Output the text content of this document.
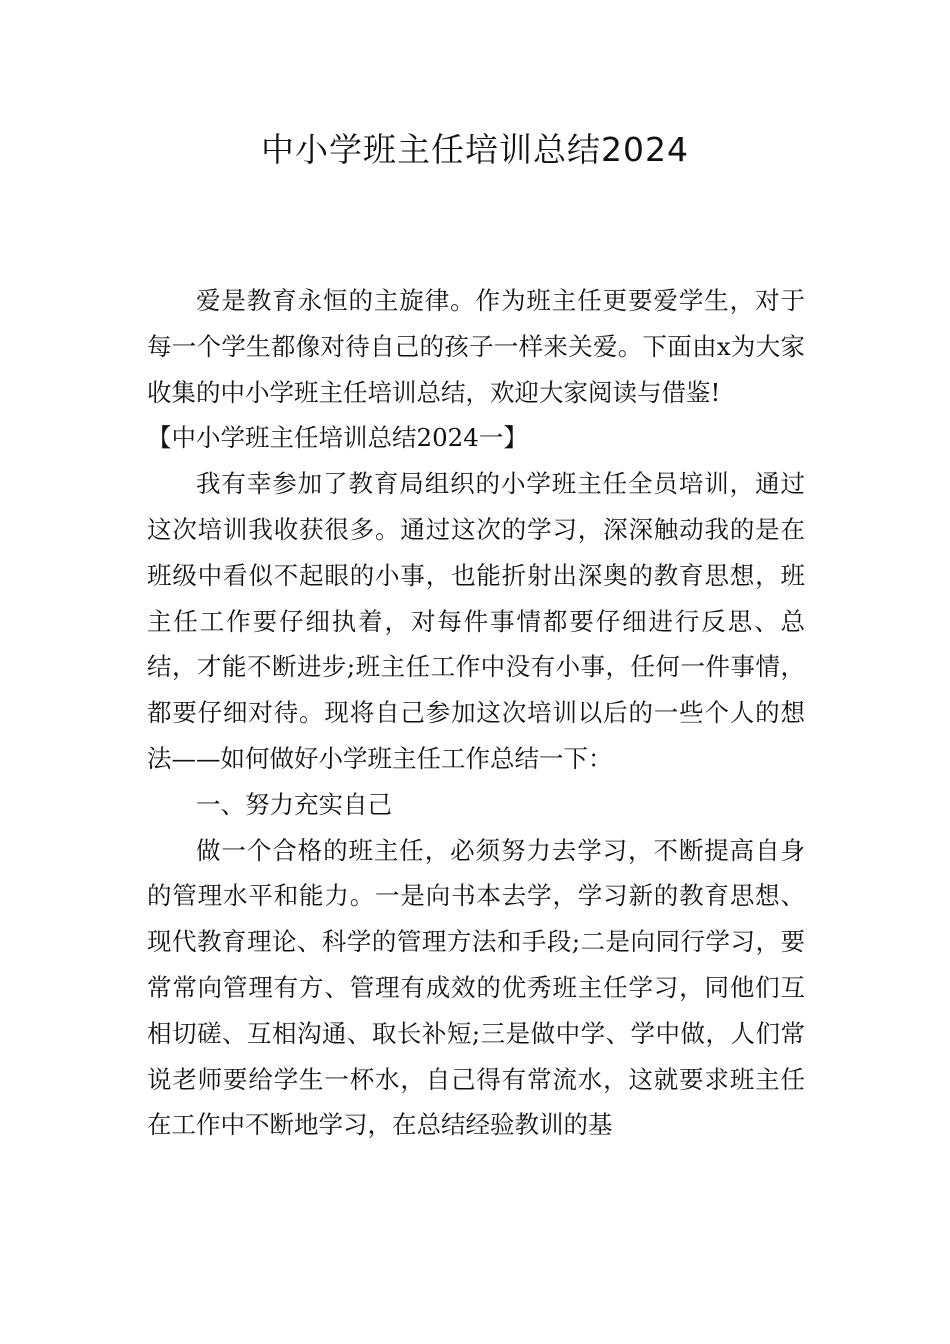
中小学班主任培训总结2024

爱是教育永恒的主旋律。作为班主任更要爱学生，对于每一个学生都像对待自己的孩子一样来关爱。下面由x为大家收集的中小学班主任培训总结，欢迎大家阅读与借鉴!

【中小学班主任培训总结2024一】

我有幸参加了教育局组织的小学班主任全员培训，通过这次培训我收获很多。通过这次的学习，深深触动我的是在班级中看似不起眼的小事，也能折射出深奥的教育思想，班主任工作要仔细执着，对每件事情都要仔细进行反思、总结，才能不断进步;班主任工作中没有小事，任何一件事情，都要仔细对待。现将自己参加这次培训以后的一些个人的想法——如何做好小学班主任工作总结一下：

一、努力充实自己

做一个合格的班主任，必须努力去学习，不断提高自身的管理水平和能力。一是向书本去学，学习新的教育思想、现代教育理论、科学的管理方法和手段;二是向同行学习，要常常向管理有方、管理有成效的优秀班主任学习，同他们互相切磋、互相沟通、取长补短;三是做中学、学中做，人们常说老师要给学生一杯水，自己得有常流水，这就要求班主任在工作中不断地学习，在总结经验教训的基
